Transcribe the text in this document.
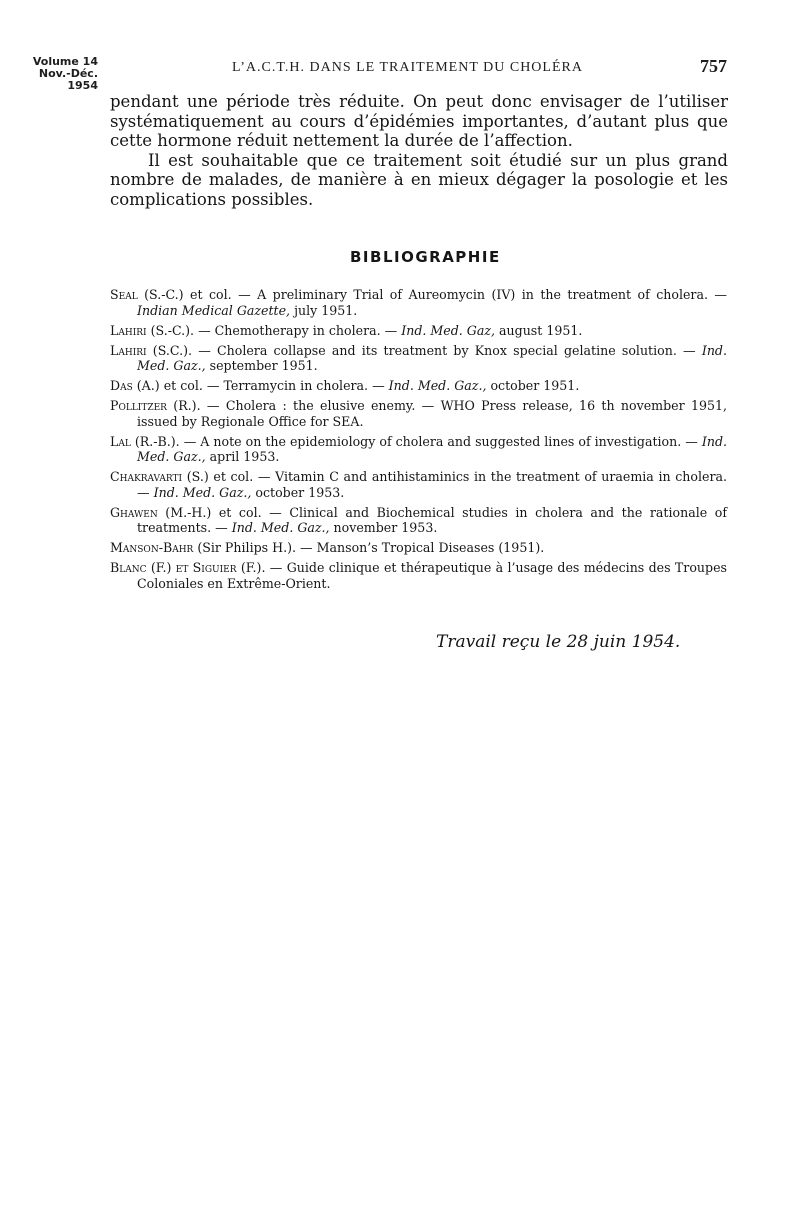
Volume 14
Nov.-Déc. 1954
L’A.C.T.H. DANS LE TRAITEMENT DU CHOLÉRA	757

pendant une période très réduite. On peut donc envisager de l’utiliser systématiquement au cours d’épidémies importantes, d’autant plus que cette hormone réduit nettement la durée de l’affection.

Il est souhaitable que ce traitement soit étudié sur un plus grand nombre de malades, de manière à en mieux dégager la posologie et les complications possibles.

BIBLIOGRAPHIE

Seal (S.-C.) et col. — A preliminary Trial of Aureomycin (IV) in the treatment of cholera. — Indian Medical Gazette, july 1951.

Lahiri (S.-C.). — Chemotherapy in cholera. — Ind. Med. Gaz, august 1951.

Lahiri (S.C.). — Cholera collapse and its treatment by Knox special gelatine solution. — Ind. Med. Gaz., september 1951.

Das (A.) et col. — Terramycin in cholera. — Ind. Med. Gaz., october 1951.

Pollitzer (R.). — Cholera : the elusive enemy. — WHO Press release, 16 th november 1951, issued by Regionale Office for SEA.

Lal (R.-B.). — A note on the epidemiology of cholera and suggested lines of investigation. — Ind. Med. Gaz., april 1953.

Chakravarti (S.) et col. — Vitamin C and antihistaminics in the treatment of uraemia in cholera. — Ind. Med. Gaz., october 1953.

Ghawen (M.-H.) et col. — Clinical and Biochemical studies in cholera and the rationale of treatments. — Ind. Med. Gaz., november 1953.

Manson-Bahr (Sir Philips H.). — Manson’s Tropical Diseases (1951).

Blanc (F.) et Siguier (F.). — Guide clinique et thérapeutique à l’usage des médecins des Troupes Coloniales en Extrême-Orient.

Travail reçu le 28 juin 1954.
